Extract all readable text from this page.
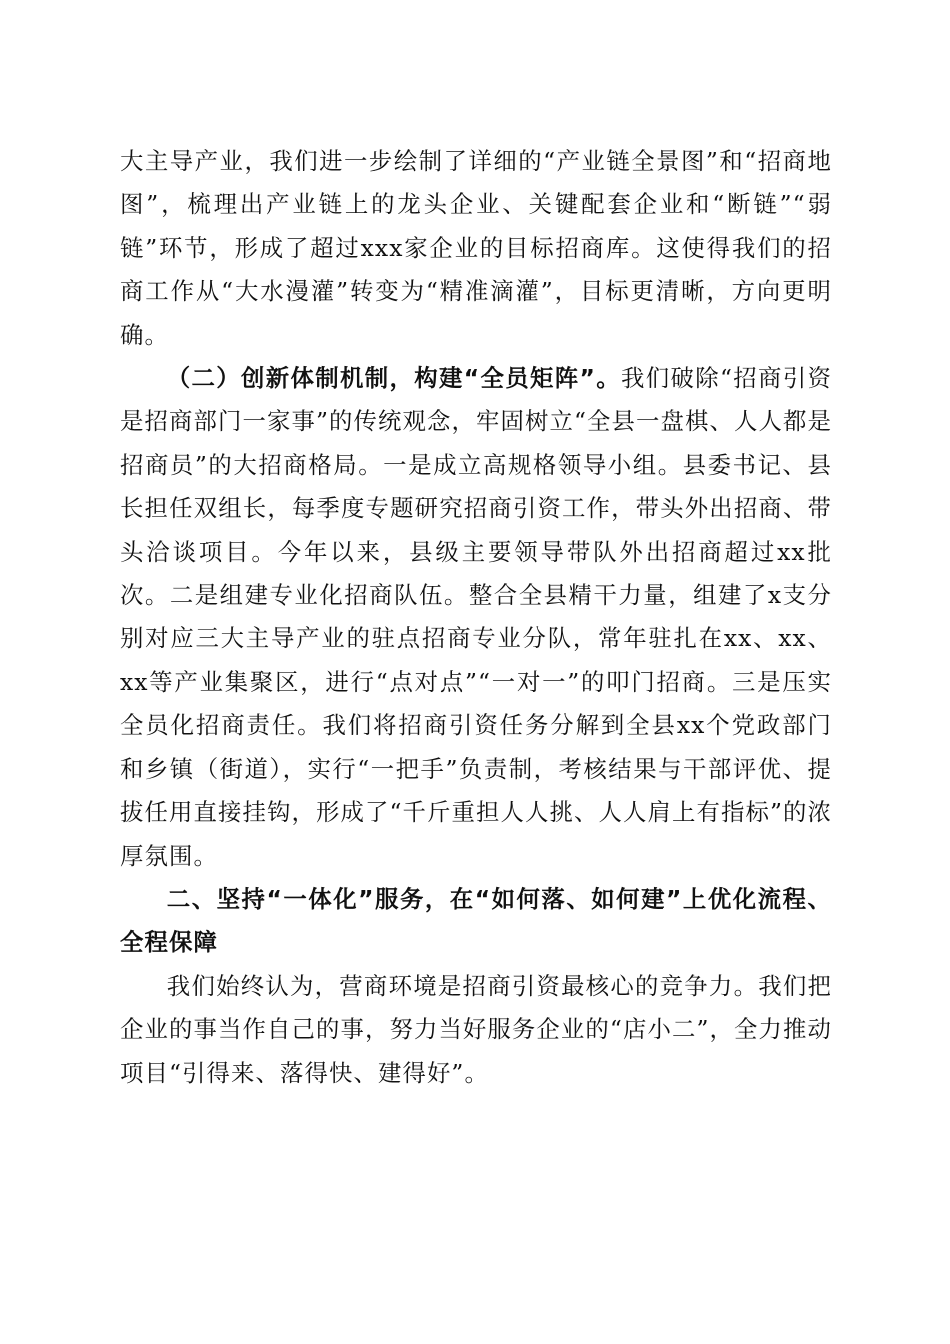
大主导产业，我们进一步绘制了详细的“产业链全景图”和“招商地图”，梳理出产业链上的龙头企业、关键配套企业和“断链”“弱链”环节，形成了超过xxx家企业的目标招商库。这使得我们的招商工作从“大水漫灌”转变为“精准滴灌”，目标更清晰，方向更明确。

（二）创新体制机制，构建“全员矩阵”。我们破除“招商引资是招商部门一家事”的传统观念，牢固树立“全县一盘棋、人人都是招商员”的大招商格局。一是成立高规格领导小组。县委书记、县长担任双组长，每季度专题研究招商引资工作，带头外出招商、带头洽谈项目。今年以来，县级主要领导带队外出招商超过xx批次。二是组建专业化招商队伍。整合全县精干力量，组建了x支分别对应三大主导产业的驻点招商专业分队，常年驻扎在xx、xx、xx等产业集聚区，进行“点对点”“一对一”的叩门招商。三是压实全员化招商责任。我们将招商引资任务分解到全县xx个党政部门和乡镇（街道），实行“一把手”负责制，考核结果与干部评优、提拔任用直接挂钩，形成了“千斤重担人人挑、人人肩上有指标”的浓厚氛围。

二、坚持“一体化”服务，在“如何落、如何建”上优化流程、全程保障

我们始终认为，营商环境是招商引资最核心的竞争力。我们把企业的事当作自己的事，努力当好服务企业的“店小二”，全力推动项目“引得来、落得快、建得好”。
